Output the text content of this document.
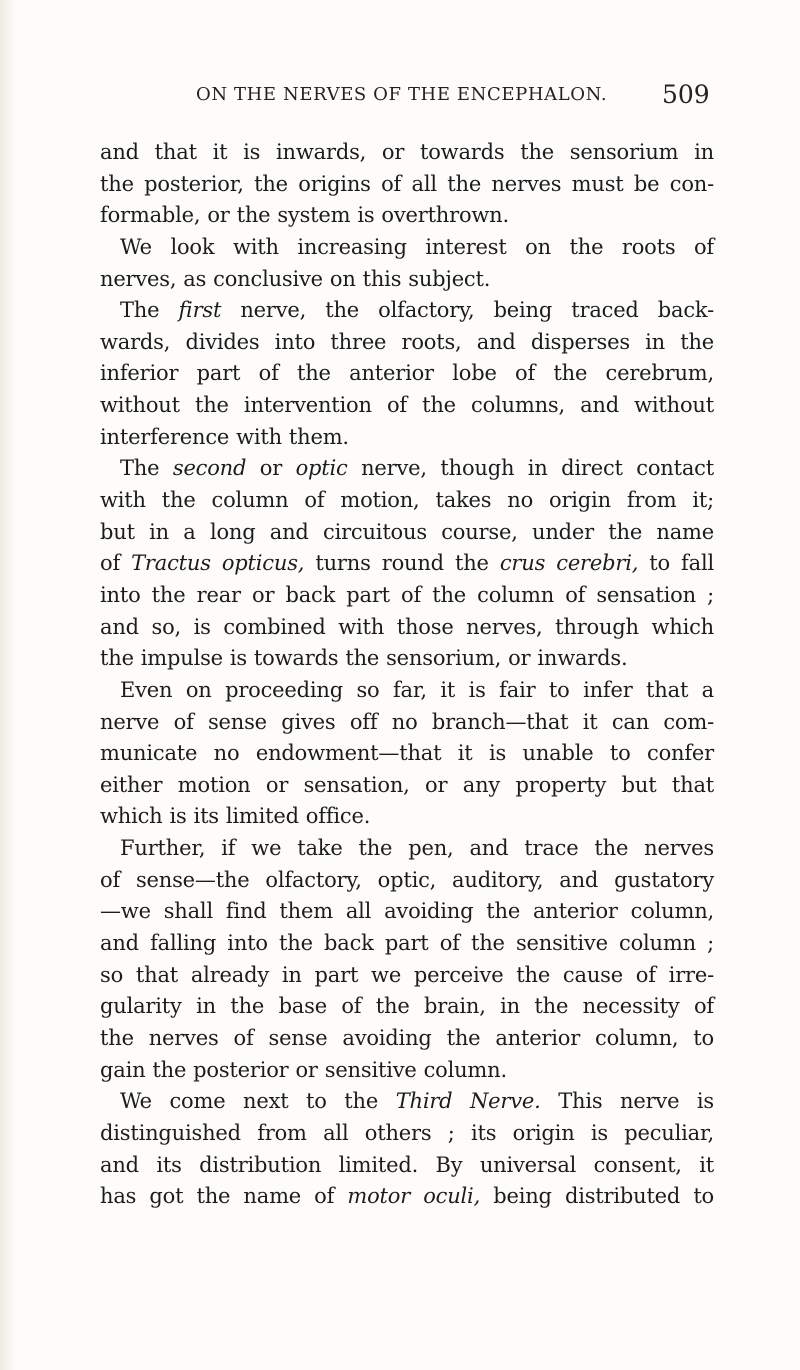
ON THE NERVES OF THE ENCEPHALON.	509
and that it is inwards, or towards the sensorium in
the posterior, the origins of all the nerves must be con-
formable, or the system is overthrown.
We look with increasing interest on the roots of
nerves, as conclusive on this subject.
The first nerve, the olfactory, being traced back-
wards, divides into three roots, and disperses in the
inferior part of the anterior lobe of the cerebrum,
without the intervention of the columns, and without
interference with them.
The second or optic nerve, though in direct contact
with the column of motion, takes no origin from it;
but in a long and circuitous course, under the name
of Tractus opticus, turns round the crus cerebri, to fall
into the rear or back part of the column of sensation ;
and so, is combined with those nerves, through which
the impulse is towards the sensorium, or inwards.
Even on proceeding so far, it is fair to infer that a
nerve of sense gives off no branch—that it can com-
municate no endowment—that it is unable to confer
either motion or sensation, or any property but that
which is its limited office.
Further, if we take the pen, and trace the nerves
of sense—the olfactory, optic, auditory, and gustatory
—we shall find them all avoiding the anterior column,
and falling into the back part of the sensitive column ;
so that already in part we perceive the cause of irre-
gularity in the base of the brain, in the necessity of
the nerves of sense avoiding the anterior column, to
gain the posterior or sensitive column.
We come next to the Third Nerve. This nerve is
distinguished from all others ; its origin is peculiar,
and its distribution limited. By universal consent, it
has got the name of motor oculi, being distributed to
